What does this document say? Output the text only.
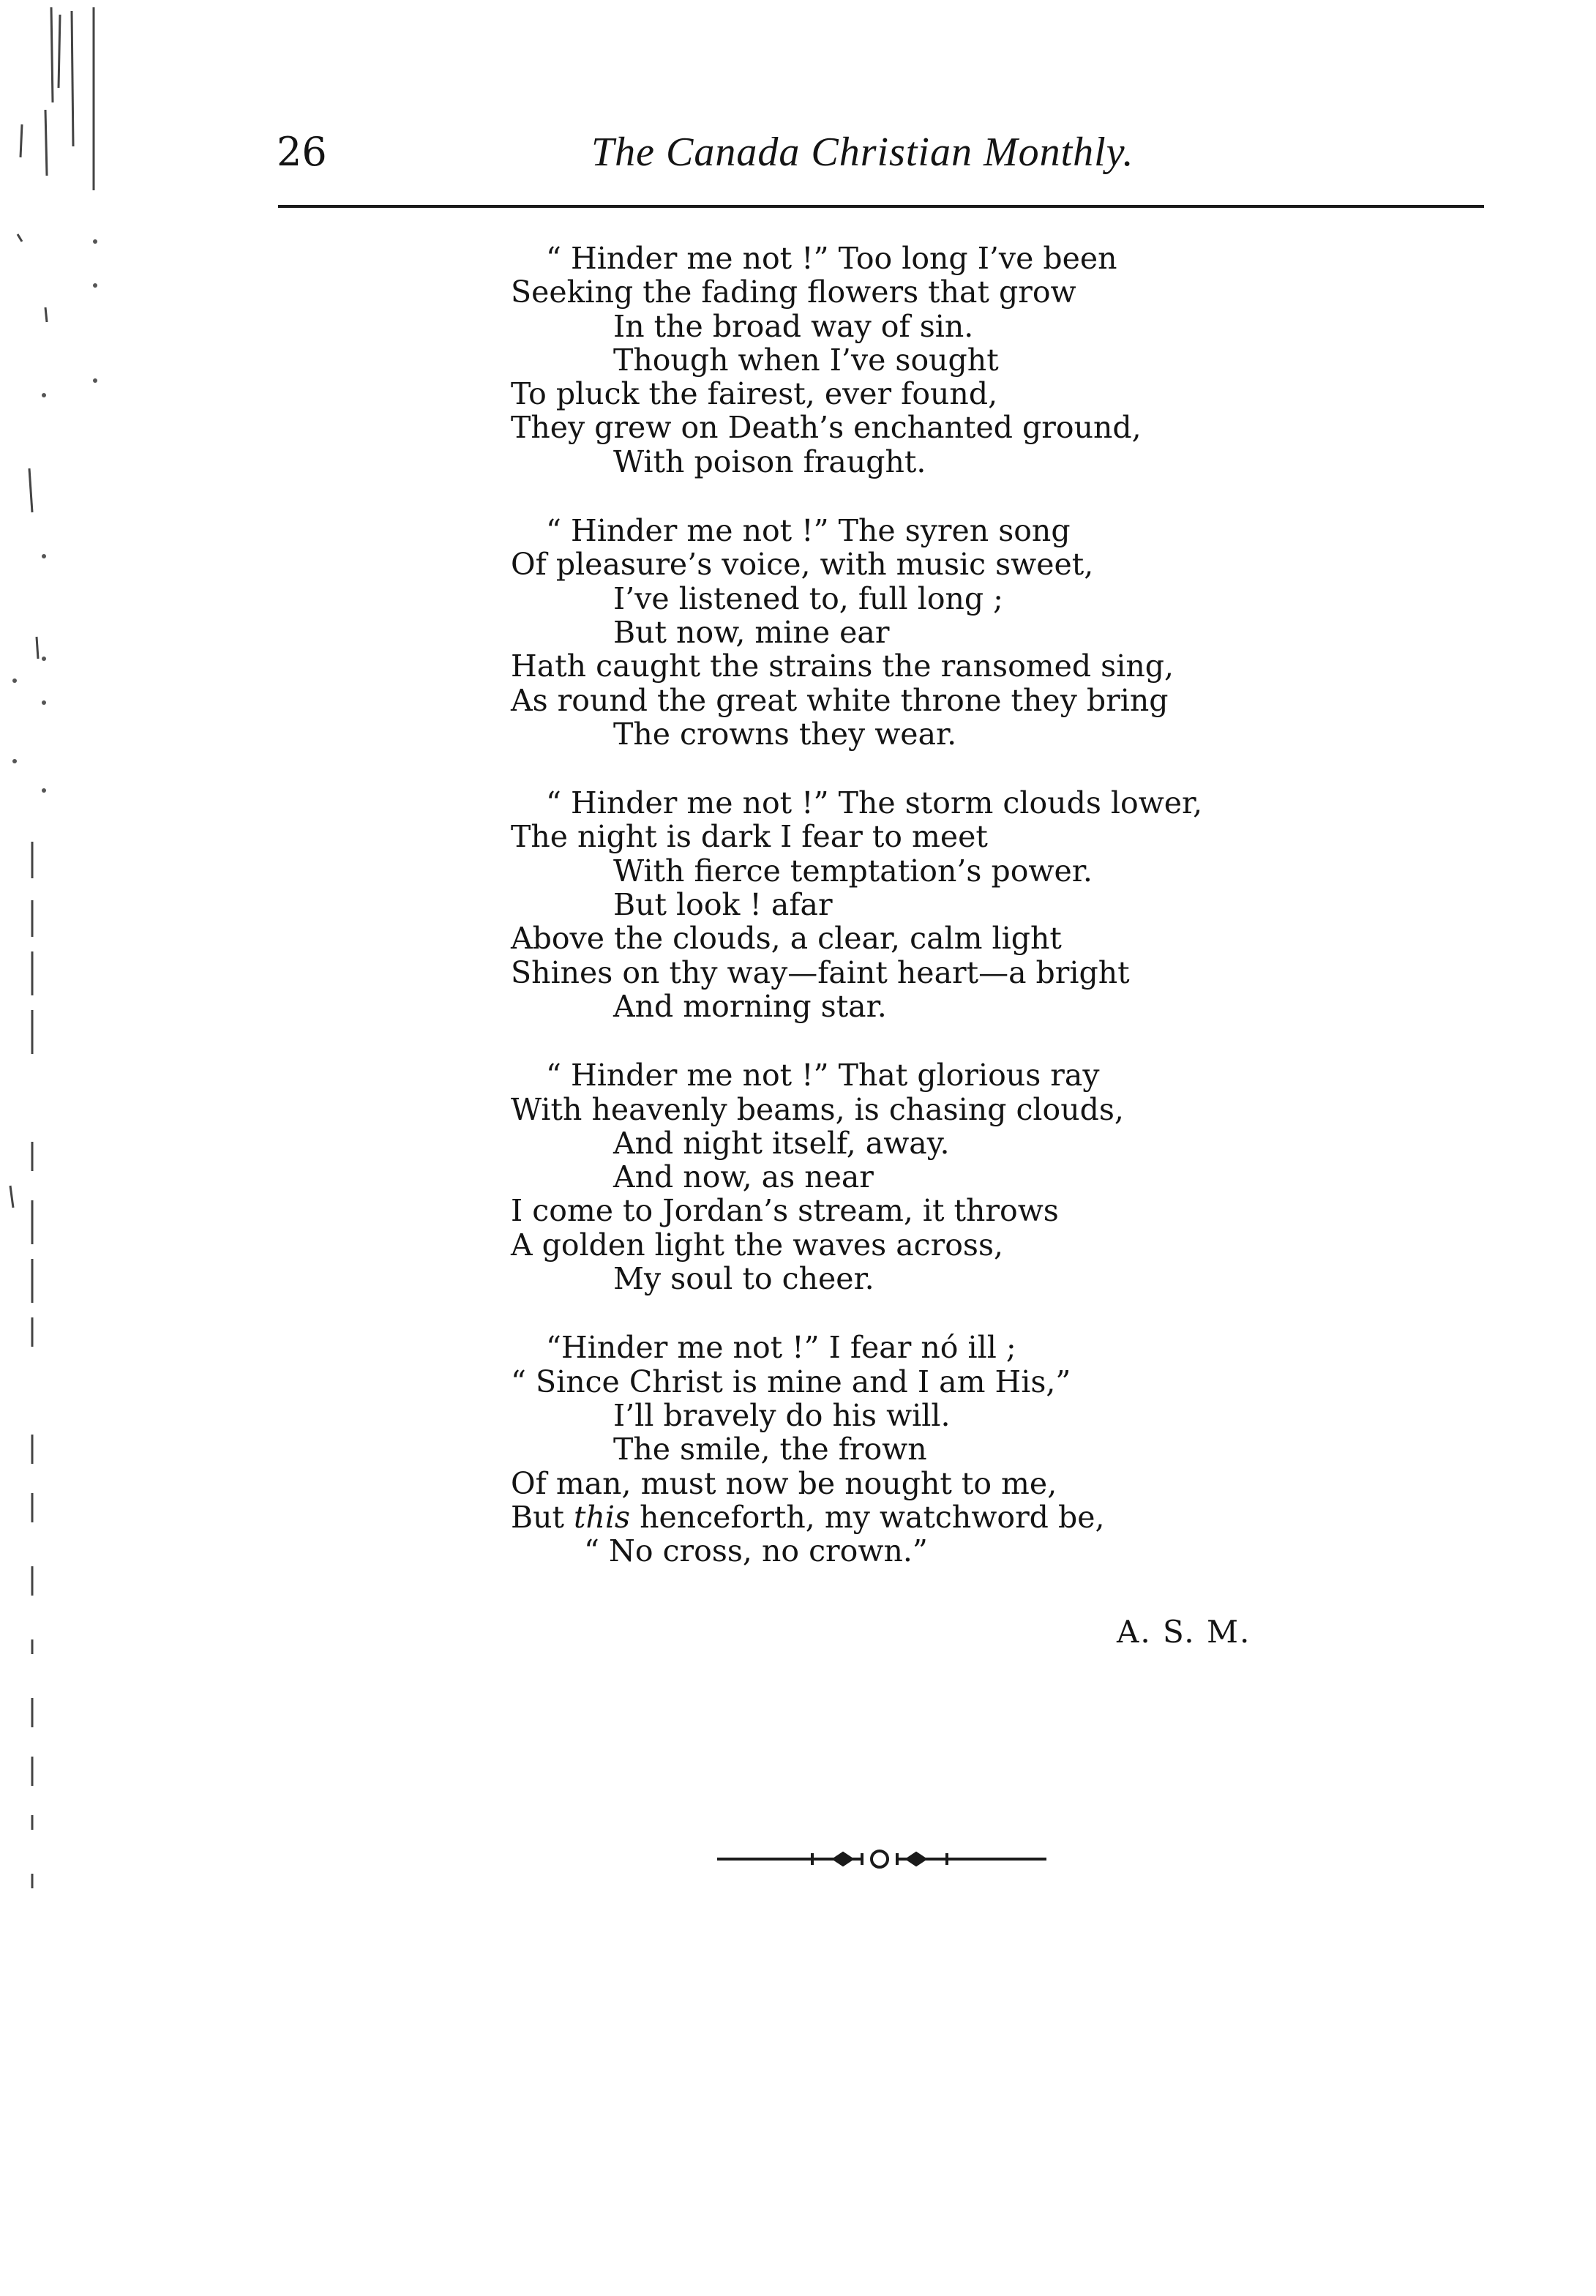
26	The Canada Christian Monthly.
“ Hinder me not !” Too long I’ve been
Seeking the fading flowers that grow
In the broad way of sin.
Though when I’ve sought
To pluck the fairest, ever found,
They grew on Death’s enchanted ground,
With poison fraught.
“ Hinder me not !” The syren song
Of pleasure’s voice, with music sweet,
I’ve listened to, full long ;
But now, mine ear
Hath caught the strains the ransomed sing,
As round the great white throne they bring
The crowns they wear.
“ Hinder me not !” The storm clouds lower,
The night is dark I fear to meet
With fierce temptation’s power.
But look ! afar
Above the clouds, a clear, calm light
Shines on thy way—faint heart—a bright
And morning star.
“ Hinder me not !” That glorious ray
With heavenly beams, is chasing clouds,
And night itself, away.
And now, as near
I come to Jordan’s stream, it throws
A golden light the waves across,
My soul to cheer.
“Hinder me not !” I fear nó ill ;
“ Since Christ is mine and I am His,”
I’ll bravely do his will.
The smile, the frown
Of man, must now be nought to me,
But this henceforth, my watchword be,
“ No cross, no crown.”
A. S. M.
